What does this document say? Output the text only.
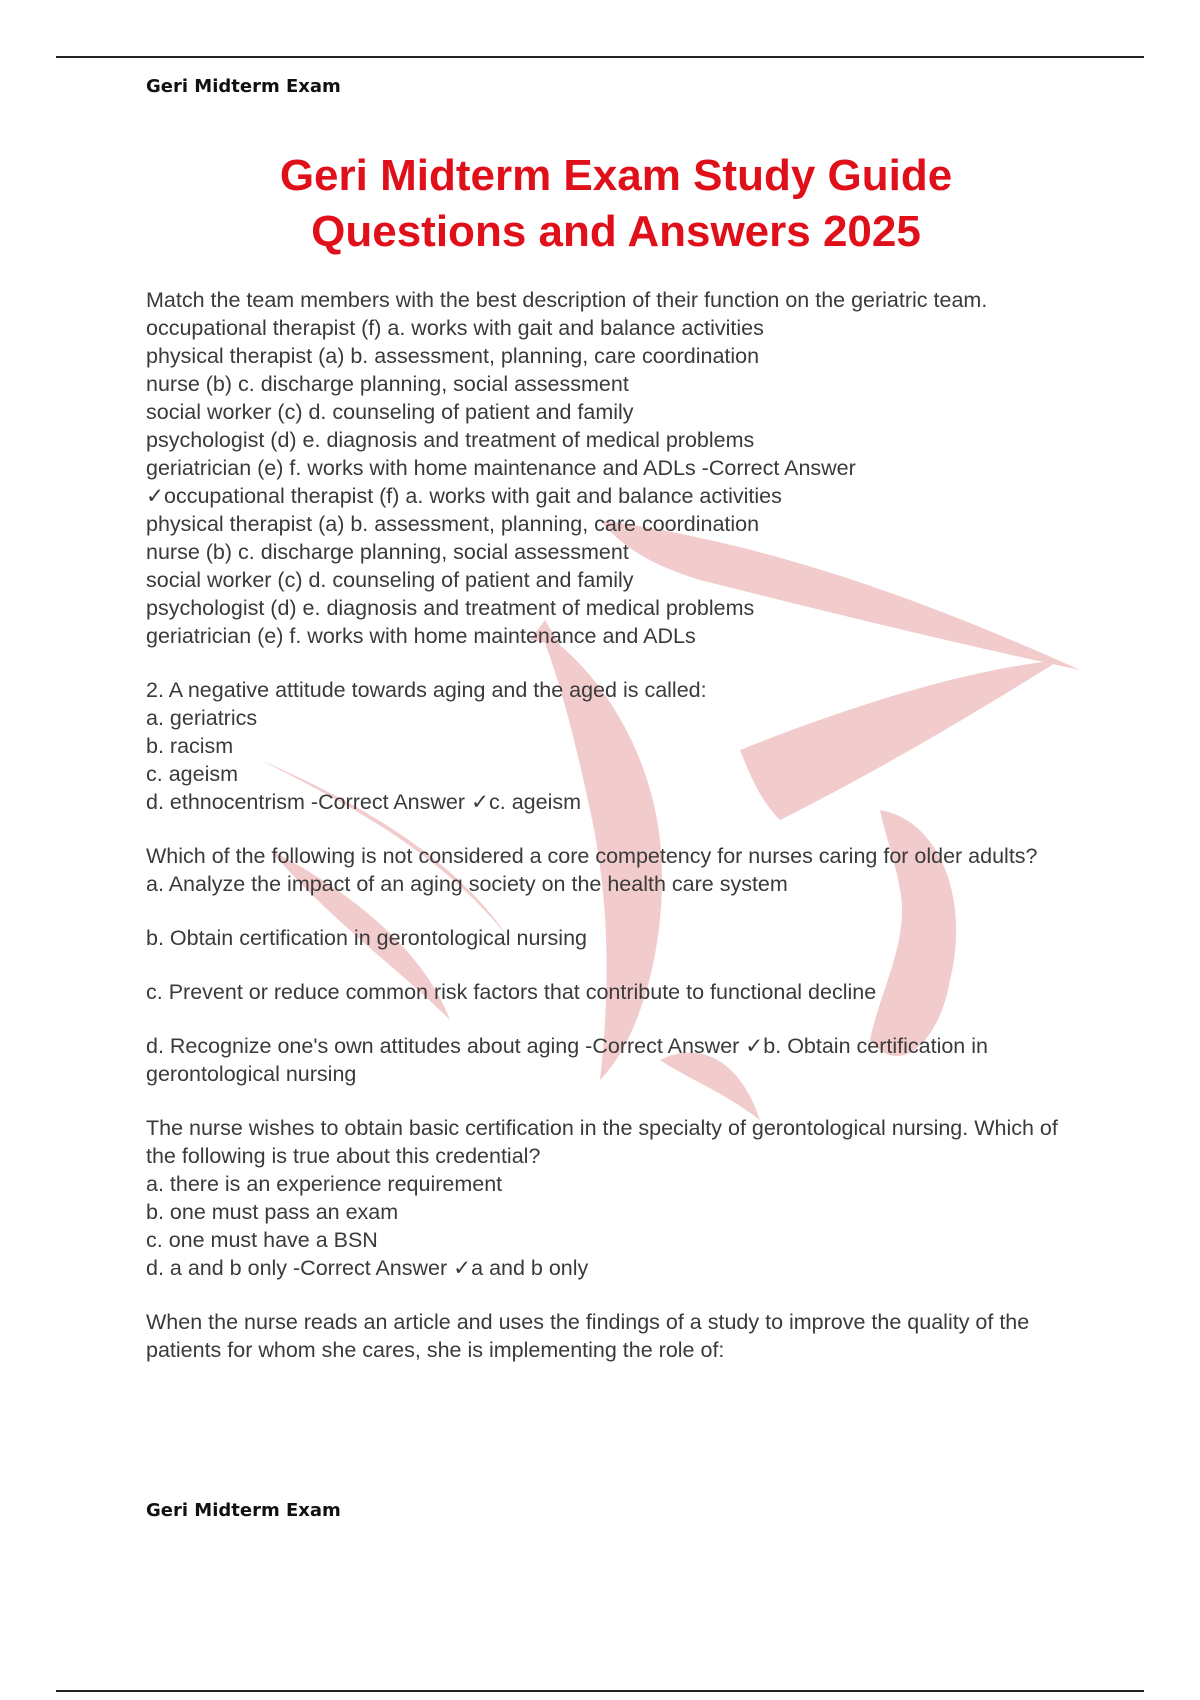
Geri Midterm Exam
Geri Midterm Exam Study Guide
Questions and Answers 2025
Match the team members with the best description of their function on the geriatric team.
occupational therapist (f) a. works with gait and balance activities
physical therapist (a) b. assessment, planning, care coordination
nurse (b) c. discharge planning, social assessment
social worker (c) d. counseling of patient and family
psychologist (d) e. diagnosis and treatment of medical problems
geriatrician (e) f. works with home maintenance and ADLs -Correct Answer
✓occupational therapist (f) a. works with gait and balance activities
physical therapist (a) b. assessment, planning, care coordination
nurse (b) c. discharge planning, social assessment
social worker (c) d. counseling of patient and family
psychologist (d) e. diagnosis and treatment of medical problems
geriatrician (e) f. works with home maintenance and ADLs
2. A negative attitude towards aging and the aged is called:
a. geriatrics
b. racism
c. ageism
d. ethnocentrism -Correct Answer ✓c. ageism
Which of the following is not considered a core competency for nurses caring for older adults?
a. Analyze the impact of an aging society on the health care system
b. Obtain certification in gerontological nursing
c. Prevent or reduce common risk factors that contribute to functional decline
d. Recognize one's own attitudes about aging -Correct Answer ✓b. Obtain certification in gerontological nursing
The nurse wishes to obtain basic certification in the specialty of gerontological nursing. Which of the following is true about this credential?
a. there is an experience requirement
b. one must pass an exam
c. one must have a BSN
d. a and b only -Correct Answer ✓a and b only
When the nurse reads an article and uses the findings of a study to improve the quality of the patients for whom she cares, she is implementing the role of:
Geri Midterm Exam
